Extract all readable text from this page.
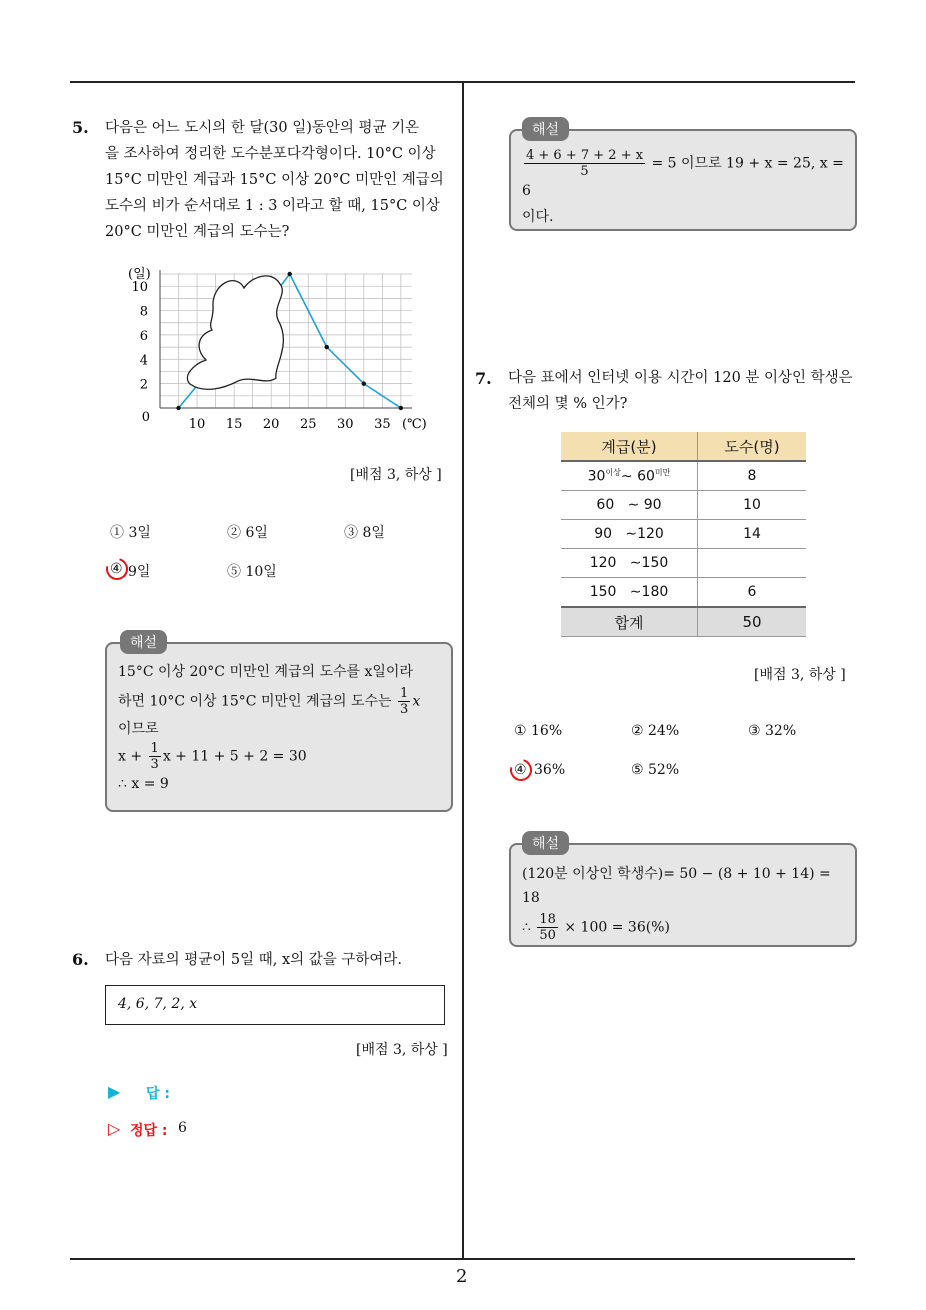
2
5. 다음은 어느 도시의 한 달(30 일)동안의 평균 기온
을 조사하여 정리한 도수분포다각형이다. 10°C 이상
15°C 미만인 계급과 15°C 이상 20°C 미만인 계급의
도수의 비가 순서대로 1 : 3 이라고 할 때, 15°C 이상
20°C 미만인 계급의 도수는?
10 15 20 25 30 35
10
8
6
4
2
0
(일)
(℃)
[배점 3, 하상 ]
① 3일	② 6일	③ 8일
④ 9일	⑤ 10일
해설
15°C 이상 20°C 미만인 계급의 도수를 x일이라
하면 10°C 이상 15°C 미만인 계급의 도수는 $\frac{1}{3}$ x
이므로
$x + \frac{1}{3}$ x + 11 + 5 + 2 = 30
∴ x = 9
6. 다음 자료의 평균이 5일 때, x의 값을 구하여라.
4, 6, 7, 2, x
[배점 3, 하상 ]
▶ 답 :
▷ 정답 : 6
해설
$\frac{4 + 6 + 7 + 2 + x}{5} = 5$ 이므로 19 + x = 25, x = 6
이다.
7. 다음 표에서 인터넷 이용 시간이 120 분 이상인 학생은
전체의 몇 % 인가?
계급(분)	도수(명)
$30^{이상}\sim$ $60^{미만}$	8
60   ∼ 90	10
90   ∼120	14
120   ∼150	
150   ∼180	6
합계	50
[배점 3, 하상 ]
① 16%	② 24%	③ 32%
④ 36%	⑤ 52%
해설
(120분 이상인 학생수)= 50 − (8 + 10 + 14) = 18
∴ $\frac{18}{50} \times 100 = 36(\%)$
